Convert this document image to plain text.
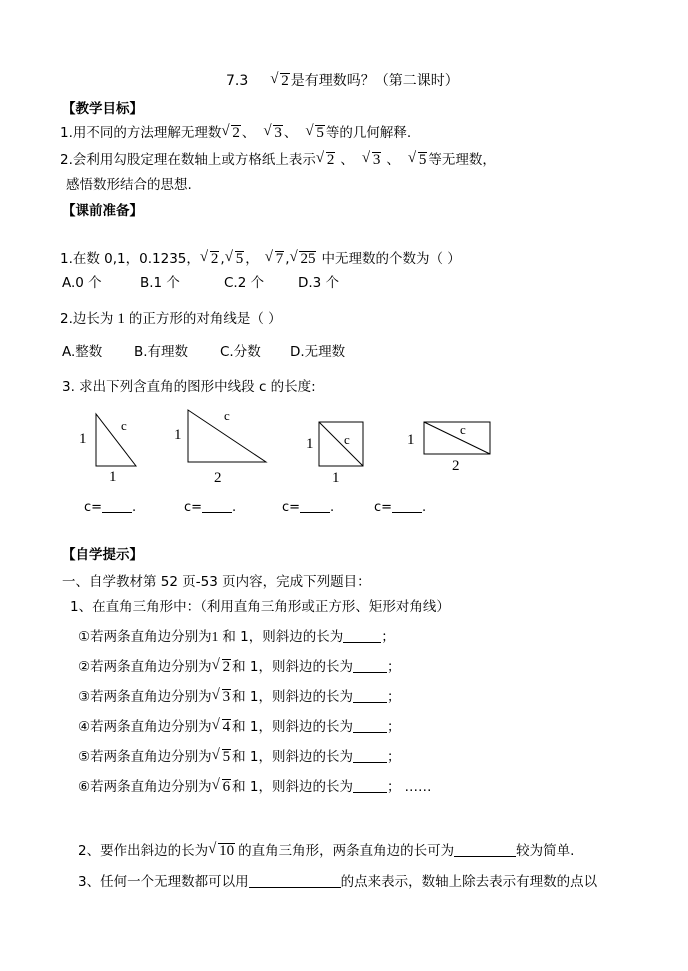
7.3 √ 2 是有理数吗？（第二课时）
【教学目标】
1.用不同的方法理解无理数 √ 2 、 √ 3 、 √ 5 等的几何解释.
2.会利用勾股定理在数轴上或方格纸上表示 √ 2 、 √ 3 、 √ 5 等无理数，
感悟数形结合的思想.
【课前准备】
1.在数 0,1，0.1235， √ 2 , √ 5 ， √ 7 , √ 25 中无理数的个数为（ ）
A.0 个	B.1 个	C.2 个	D.3 个
2.边长为 1 的正方形的对角线是（ ）
A.整数 B.有理数 C.分数 D.无理数
3. 求出下列含直角的图形中线段 c 的长度:
1
1
c
1
2
c
1
1
c	1
2
c
c= .	c= .	c= .	c= .
【自学提示】
一、自学教材第 52 页-53 页内容，完成下列题目：
1、在直角三角形中：（利用直角三角形或正方形、矩形对角线）
①若两条直角边分别为1 和 1，则斜边的长为	；
②若两条直角边分别为 √ 2 和 1，则斜边的长为	；
③若两条直角边分别为 √ 3 和 1，则斜边的长为	；
④若两条直角边分别为 √ 4 和 1，则斜边的长为	；
⑤若两条直角边分别为 √ 5 和 1，则斜边的长为	；
⑥若两条直角边分别为 √ 6 和 1，则斜边的长为	； ……
2、要作出斜边的长为 √ 10 的直角三角形，两条直角边的长可为	较为简单.
3、任何一个无理数都可以用	的点来表示，数轴上除去表示有理数的点以
